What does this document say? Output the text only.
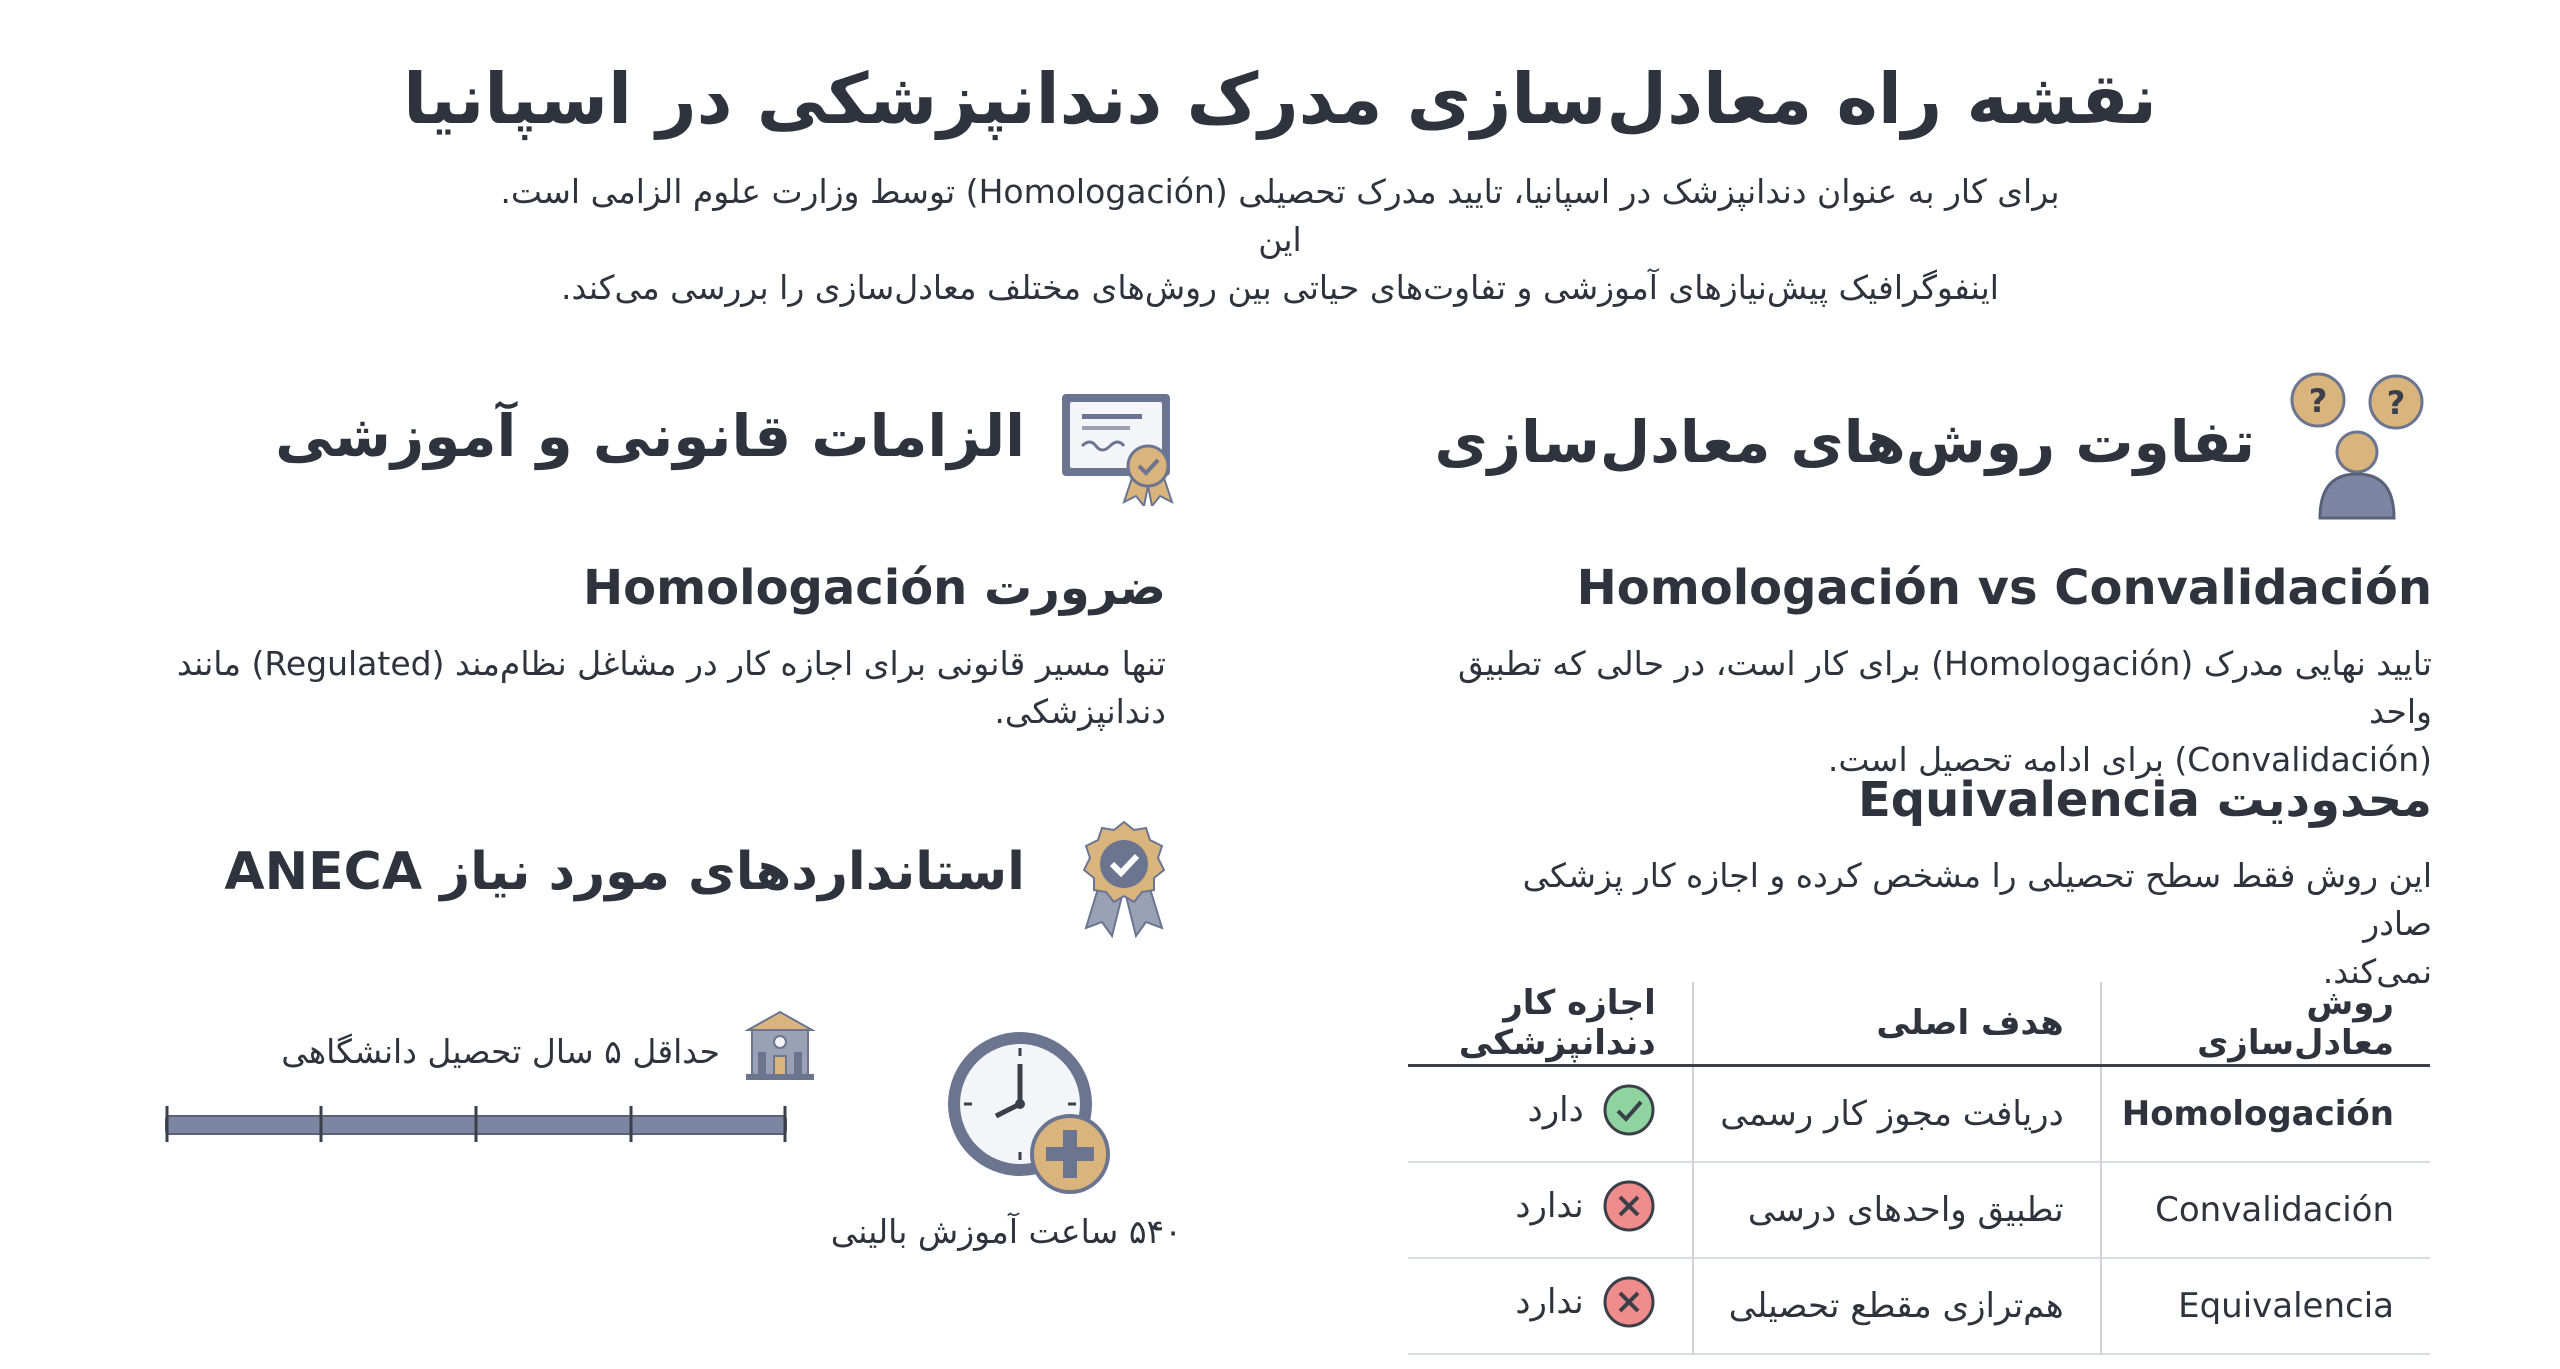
نقشه راه معادل‌سازی مدرک دندانپزشکی در اسپانیا
برای کار به عنوان دندانپزشک در اسپانیا، تایید مدرک تحصیلی (Homologación) توسط وزارت علوم الزامی است. این
اینفوگرافیک پیش‌نیازهای آموزشی و تفاوت‌های حیاتی بین روش‌های مختلف معادل‌سازی را بررسی می‌کند.
الزامات قانونی و آموزشی
ضرورت Homologación
تنها مسیر قانونی برای اجازه کار در مشاغل نظام‌مند (Regulated) مانند
دندانپزشکی.
استانداردهای مورد نیاز ANECA
حداقل ۵ سال تحصیل دانشگاهی
۵۴۰ ساعت آموزش بالینی
تفاوت روش‌های معادل‌سازی
? ?
Homologación vs Convalidación
تایید نهایی مدرک (Homologación) برای کار است، در حالی که تطبیق واحد
(Convalidación) برای ادامه تحصیل است.
محدودیت Equivalencia
این روش فقط سطح تحصیلی را مشخص کرده و اجازه کار پزشکی صادر
نمی‌کند.
روش معادل‌سازی	هدف اصلی	اجازه کار دندانپزشکی
Homologación	دریافت مجوز کار رسمی	دارد

Convalidación	تطبیق واحدهای درسی	ندارد

Equivalencia	هم‌ترازی مقطع تحصیلی	ندارد
